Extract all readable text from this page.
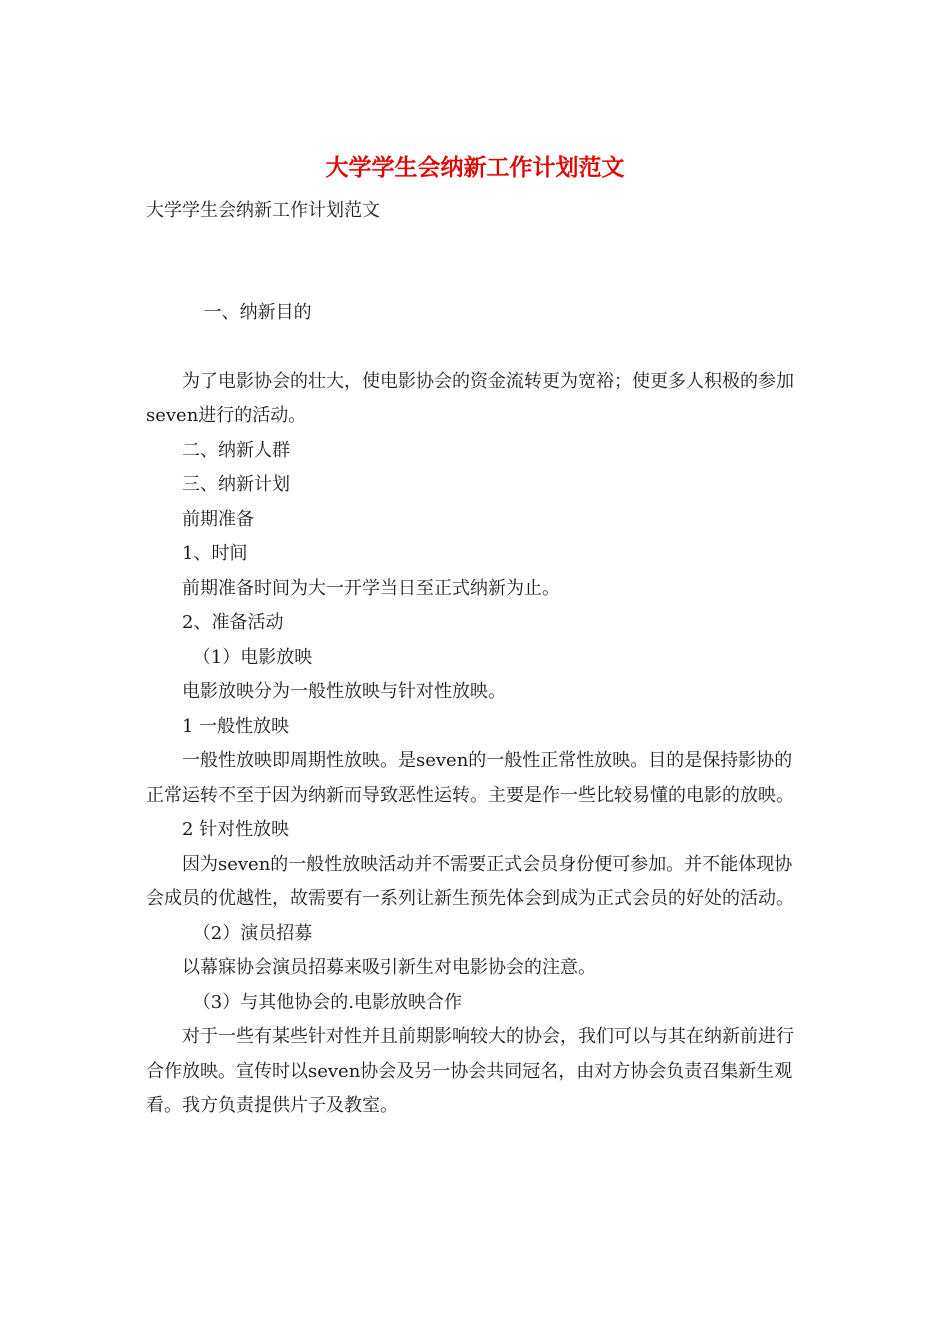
大学学生会纳新工作计划范文
大学学生会纳新工作计划范文

一、纳新目的

为了电影协会的壮大，使电影协会的资金流转更为宽裕；使更多人积极的参加seven进行的活动。

二、纳新人群

三、纳新计划

前期准备

1、时间

前期准备时间为大一开学当日至正式纳新为止。

2、准备活动

（1）电影放映

电影放映分为一般性放映与针对性放映。

1 一般性放映

一般性放映即周期性放映。是seven的一般性正常性放映。目的是保持影协的正常运转不至于因为纳新而导致恶性运转。主要是作一些比较易懂的电影的放映。

2 针对性放映

因为seven的一般性放映活动并不需要正式会员身份便可参加。并不能体现协会成员的优越性，故需要有一系列让新生预先体会到成为正式会员的好处的活动。

（2）演员招募

以幕寐协会演员招募来吸引新生对电影协会的注意。

（3）与其他协会的.电影放映合作

对于一些有某些针对性并且前期影响较大的协会，我们可以与其在纳新前进行合作放映。宣传时以seven协会及另一协会共同冠名，由对方协会负责召集新生观看。我方负责提供片子及教室。
